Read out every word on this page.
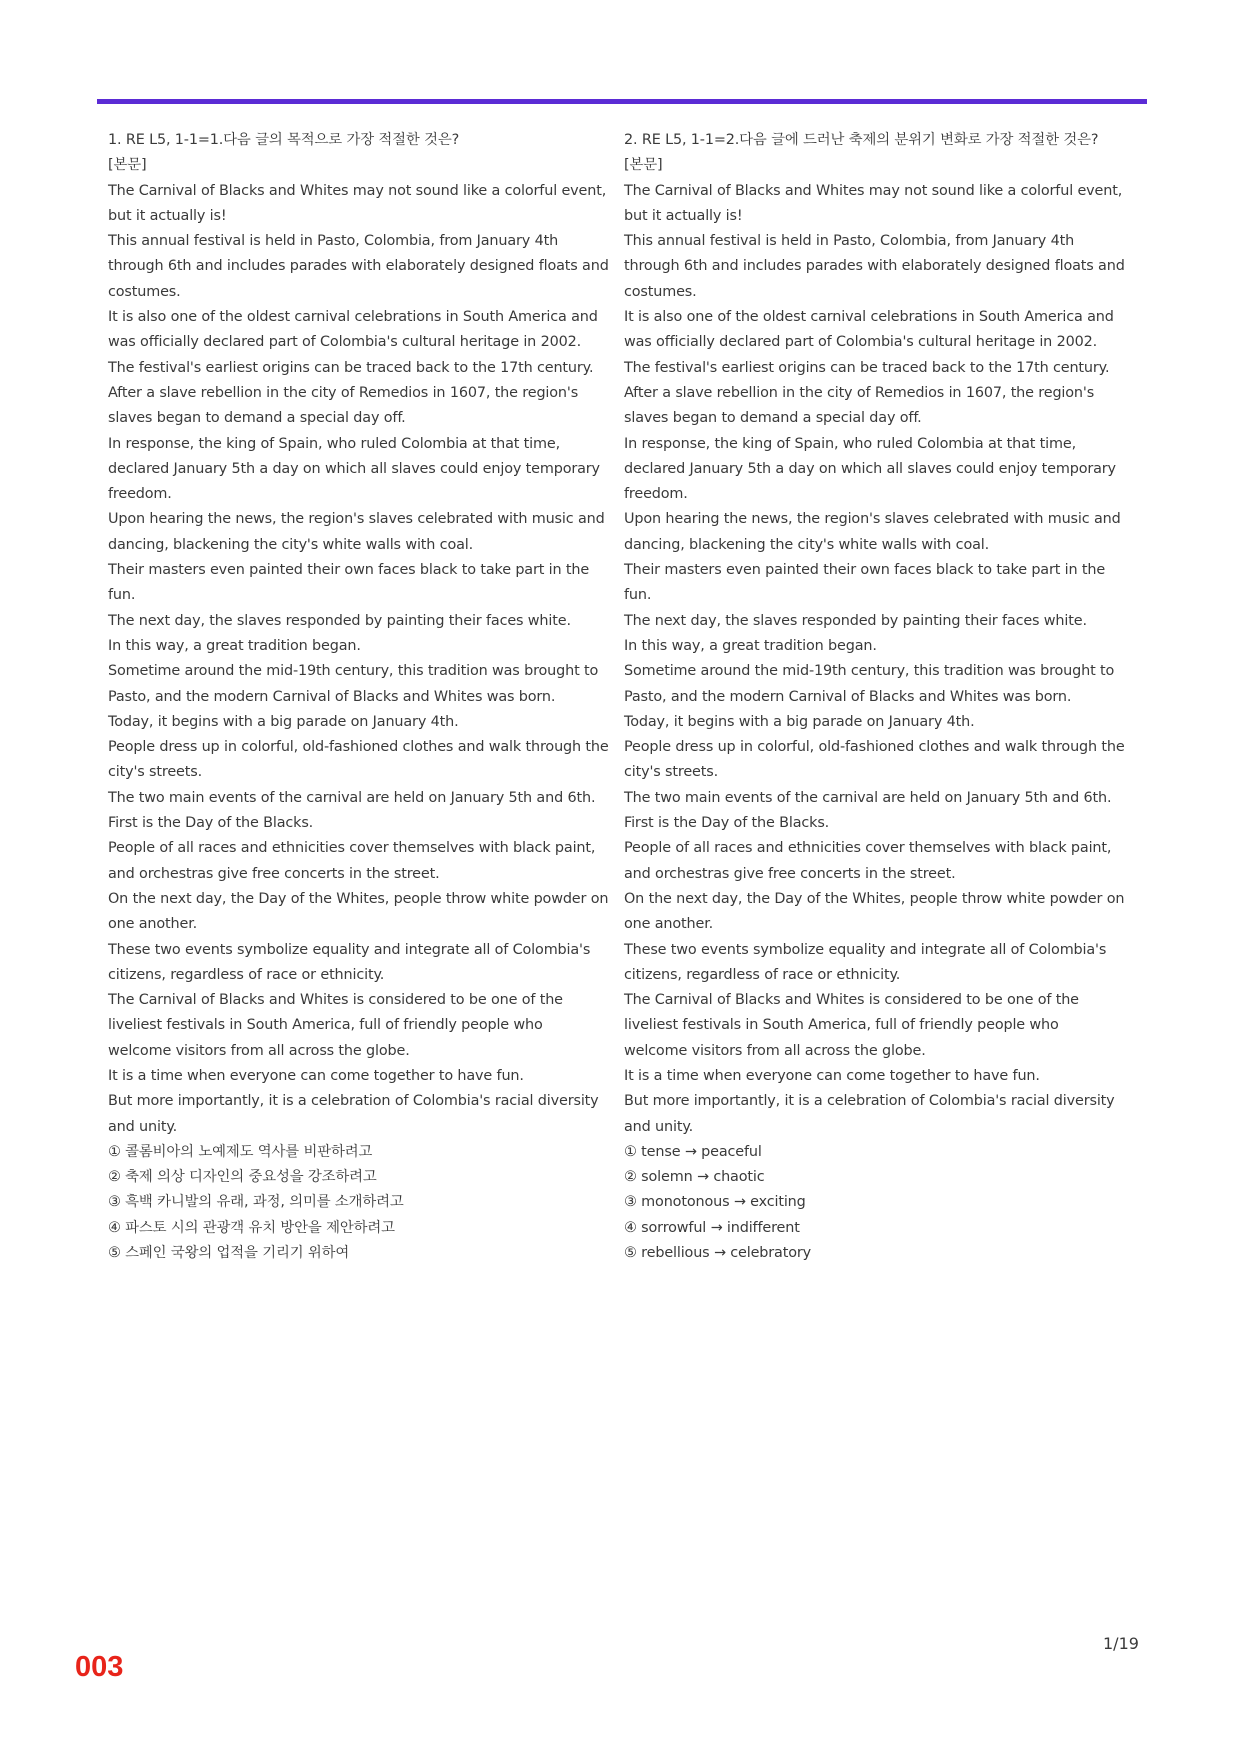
1. RE L5, 1-1=1.다음 글의 목적으로 가장 적절한 것은?

[본문]

The Carnival of Blacks and Whites may not sound like a colorful event, but it actually is!

This annual festival is held in Pasto, Colombia, from January 4th through 6th and includes parades with elaborately designed floats and costumes.

It is also one of the oldest carnival celebrations in South America and was officially declared part of Colombia's cultural heritage in 2002.

The festival's earliest origins can be traced back to the 17th century.

After a slave rebellion in the city of Remedios in 1607, the region's slaves began to demand a special day off.

In response, the king of Spain, who ruled Colombia at that time, declared January 5th a day on which all slaves could enjoy temporary freedom.

Upon hearing the news, the region's slaves celebrated with music and dancing, blackening the city's white walls with coal.

Their masters even painted their own faces black to take part in the fun.

The next day, the slaves responded by painting their faces white.

In this way, a great tradition began.

Sometime around the mid-19th century, this tradition was brought to Pasto, and the modern Carnival of Blacks and Whites was born.

Today, it begins with a big parade on January 4th.

People dress up in colorful, old-fashioned clothes and walk through the city's streets.

The two main events of the carnival are held on January 5th and 6th.

First is the Day of the Blacks.

People of all races and ethnicities cover themselves with black paint, and orchestras give free concerts in the street.

On the next day, the Day of the Whites, people throw white powder on one another.

These two events symbolize equality and integrate all of Colombia's citizens, regardless of race or ethnicity.

The Carnival of Blacks and Whites is considered to be one of the liveliest festivals in South America, full of friendly people who welcome visitors from all across the globe.

It is a time when everyone can come together to have fun.

But more importantly, it is a celebration of Colombia's racial diversity and unity.

① 콜롬비아의 노예제도 역사를 비판하려고

② 축제 의상 디자인의 중요성을 강조하려고

③ 흑백 카니발의 유래, 과정, 의미를 소개하려고

④ 파스토 시의 관광객 유치 방안을 제안하려고

⑤ 스페인 국왕의 업적을 기리기 위하여

2. RE L5, 1-1=2.다음 글에 드러난 축제의 분위기 변화로 가장 적절한 것은?

[본문]

The Carnival of Blacks and Whites may not sound like a colorful event, but it actually is!

This annual festival is held in Pasto, Colombia, from January 4th through 6th and includes parades with elaborately designed floats and costumes.

It is also one of the oldest carnival celebrations in South America and was officially declared part of Colombia's cultural heritage in 2002.

The festival's earliest origins can be traced back to the 17th century.

After a slave rebellion in the city of Remedios in 1607, the region's slaves began to demand a special day off.

In response, the king of Spain, who ruled Colombia at that time, declared January 5th a day on which all slaves could enjoy temporary freedom.

Upon hearing the news, the region's slaves celebrated with music and dancing, blackening the city's white walls with coal.

Their masters even painted their own faces black to take part in the fun.

The next day, the slaves responded by painting their faces white.

In this way, a great tradition began.

Sometime around the mid-19th century, this tradition was brought to Pasto, and the modern Carnival of Blacks and Whites was born.

Today, it begins with a big parade on January 4th.

People dress up in colorful, old-fashioned clothes and walk through the city's streets.

The two main events of the carnival are held on January 5th and 6th.

First is the Day of the Blacks.

People of all races and ethnicities cover themselves with black paint, and orchestras give free concerts in the street.

On the next day, the Day of the Whites, people throw white powder on one another.

These two events symbolize equality and integrate all of Colombia's citizens, regardless of race or ethnicity.

The Carnival of Blacks and Whites is considered to be one of the liveliest festivals in South America, full of friendly people who welcome visitors from all across the globe.

It is a time when everyone can come together to have fun.

But more importantly, it is a celebration of Colombia's racial diversity and unity.

① tense → peaceful

② solemn → chaotic

③ monotonous → exciting

④ sorrowful → indifferent

⑤ rebellious → celebratory

1/19
003
